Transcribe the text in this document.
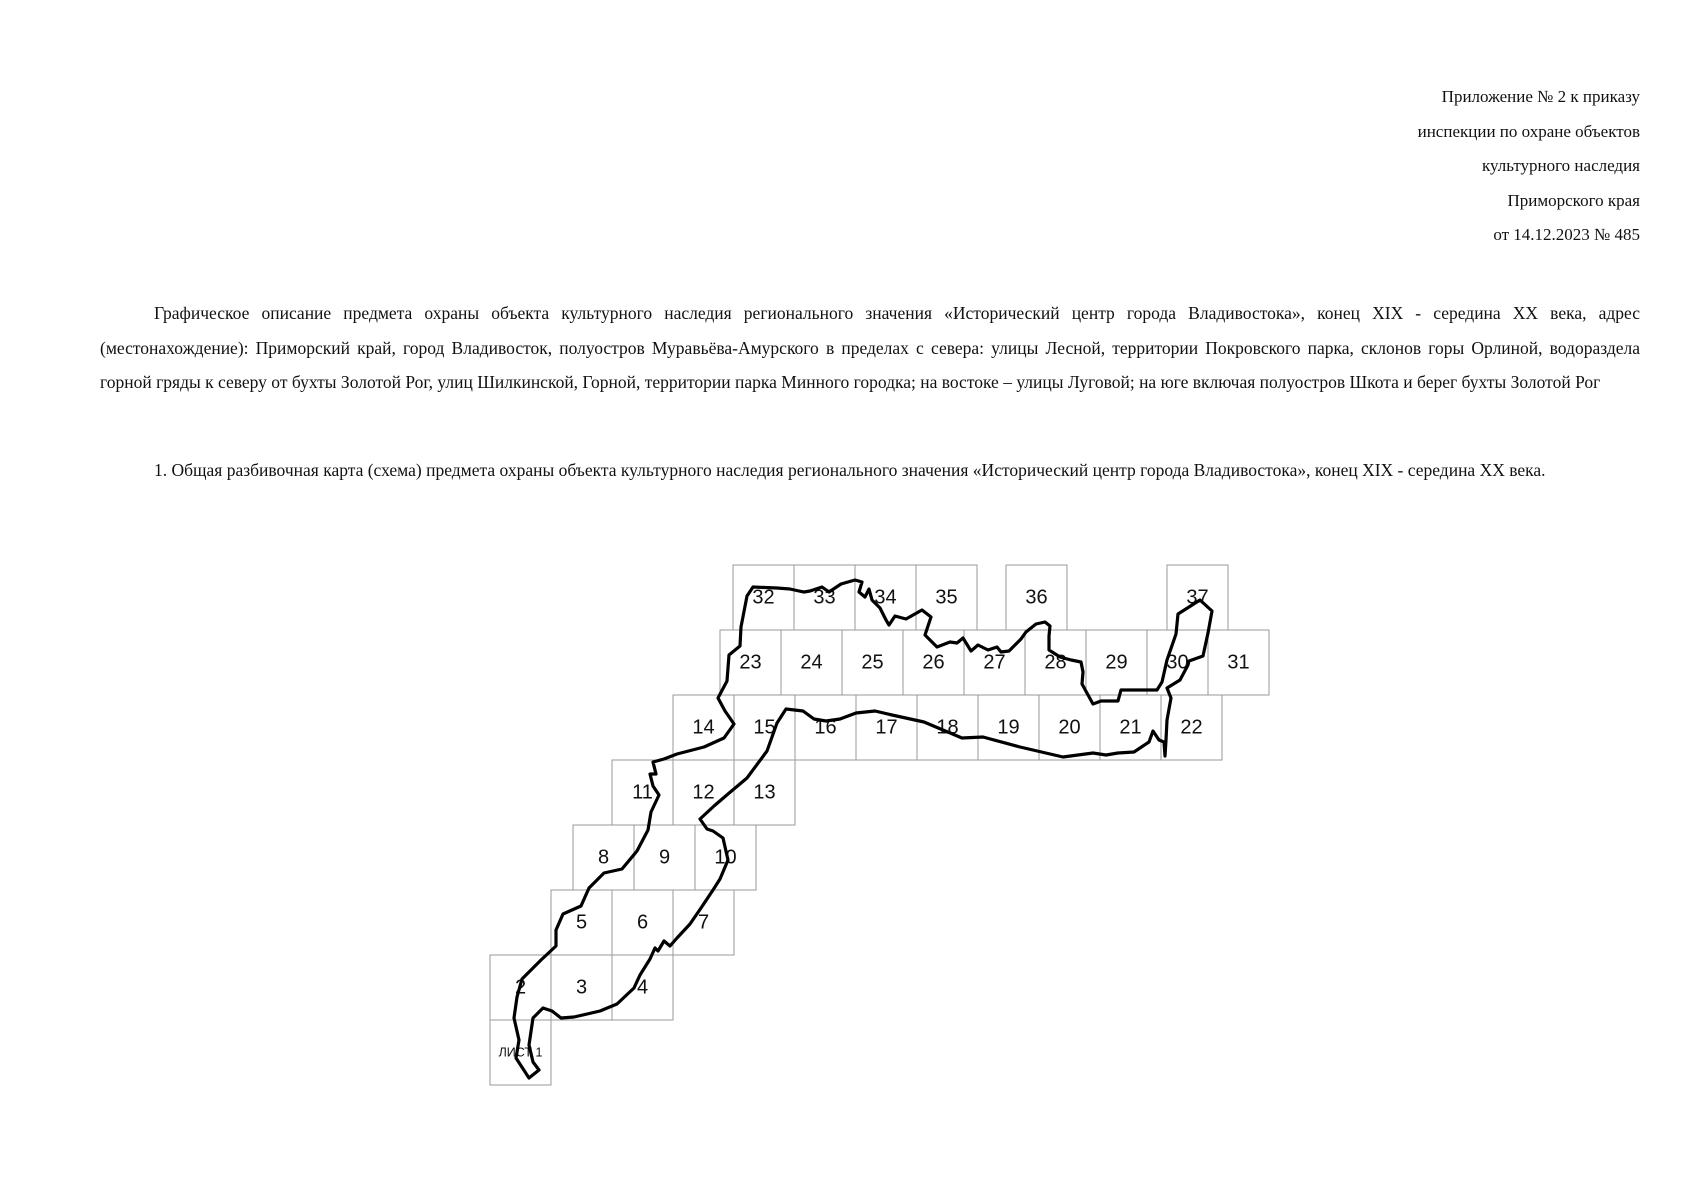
Приложение № 2 к приказу
инспекции по охране объектов
культурного наследия
Приморского края
от 14.12.2023 № 485
Графическое описание предмета охраны объекта культурного наследия регионального значения «Исторический центр города Владивостока», конец XIX - середина XX века, адрес (местонахождение): Приморский край, город Владивосток, полуостров Муравьёва-Амурского в пределах с севера: улицы Лесной, территории Покровского парка, склонов горы Орлиной, водораздела горной гряды к северу от бухты Золотой Рог, улиц Шилкинской, Горной, территории парка Минного городка; на востоке – улицы Луговой; на юге включая полуостров Шкота и берег бухты Золотой Рог
1. Общая разбивочная карта (схема) предмета охраны объекта культурного наследия регионального значения «Исторический центр города Владивостока», конец XIX - середина XX века.
ЛИСТ 1
2 3 4
5 6 7
8 9 10
11 12 13
14 15 16 17 18 19 20 21 22
23 24 25 26 27 28 29 30 31
32 33 34 35	36	37
